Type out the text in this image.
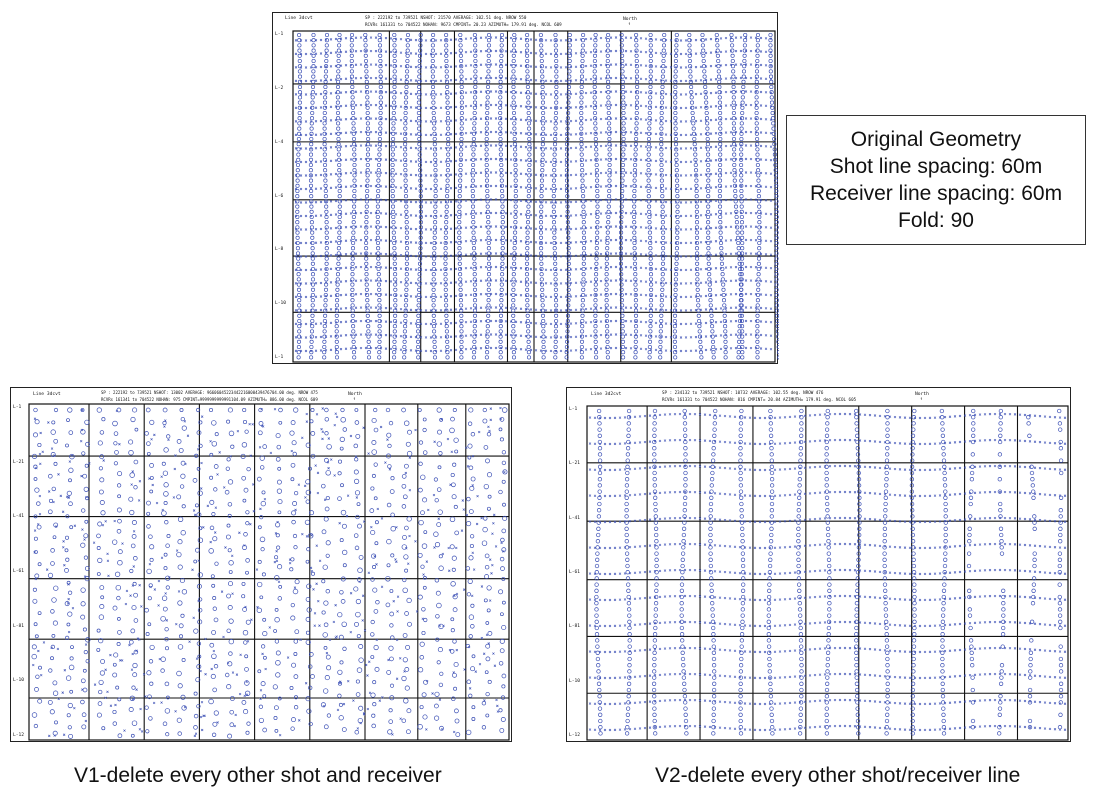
Line 3dcvt	SP : 222192 to 739521 NSHOT: 21570 AVERAGE: 102.51 deg. NROW 550
RCVRs 161331 to 704522 NOHAN: 9673 CMPINT= 20.23 AZIMUTH= 179.91 deg. NCOL 609
North
↑
L-1
L-2
L-4
L-6
L-8
L-10
L-1
Original Geometry
Shot line spacing: 60m
Receiver line spacing: 60m
Fold: 90
Line 3dcvt	SP : 222192 to 739521 NSHOT: 13002 AVERAGE: 96606045223442216000439476704.00 deg. NROW 475
RCVRs 161341 to 704522 NOHAN: 975 CMPINT=9999999999991104.09 AZIMUTH= 886.00 deg. NCOL 609
North
↑
L-1
L-21
L-41
L-61
L-81
L-10
L-12
Line 3d2cvt	SP : 234132 to 739521 NSHOT: 10732 AVERAGE: 102.55 deg. NROW 476
RCVRs 161331 to 704522 NOHAN: 816 CMPINT= 20.84 AZIMUTH= 179.91 deg. NCOL 605
North
↑
L-1
L-21
L-41
L-61
L-81
L-10
L-12
V1-delete every other shot and receiver	V2-delete every other shot/receiver line
